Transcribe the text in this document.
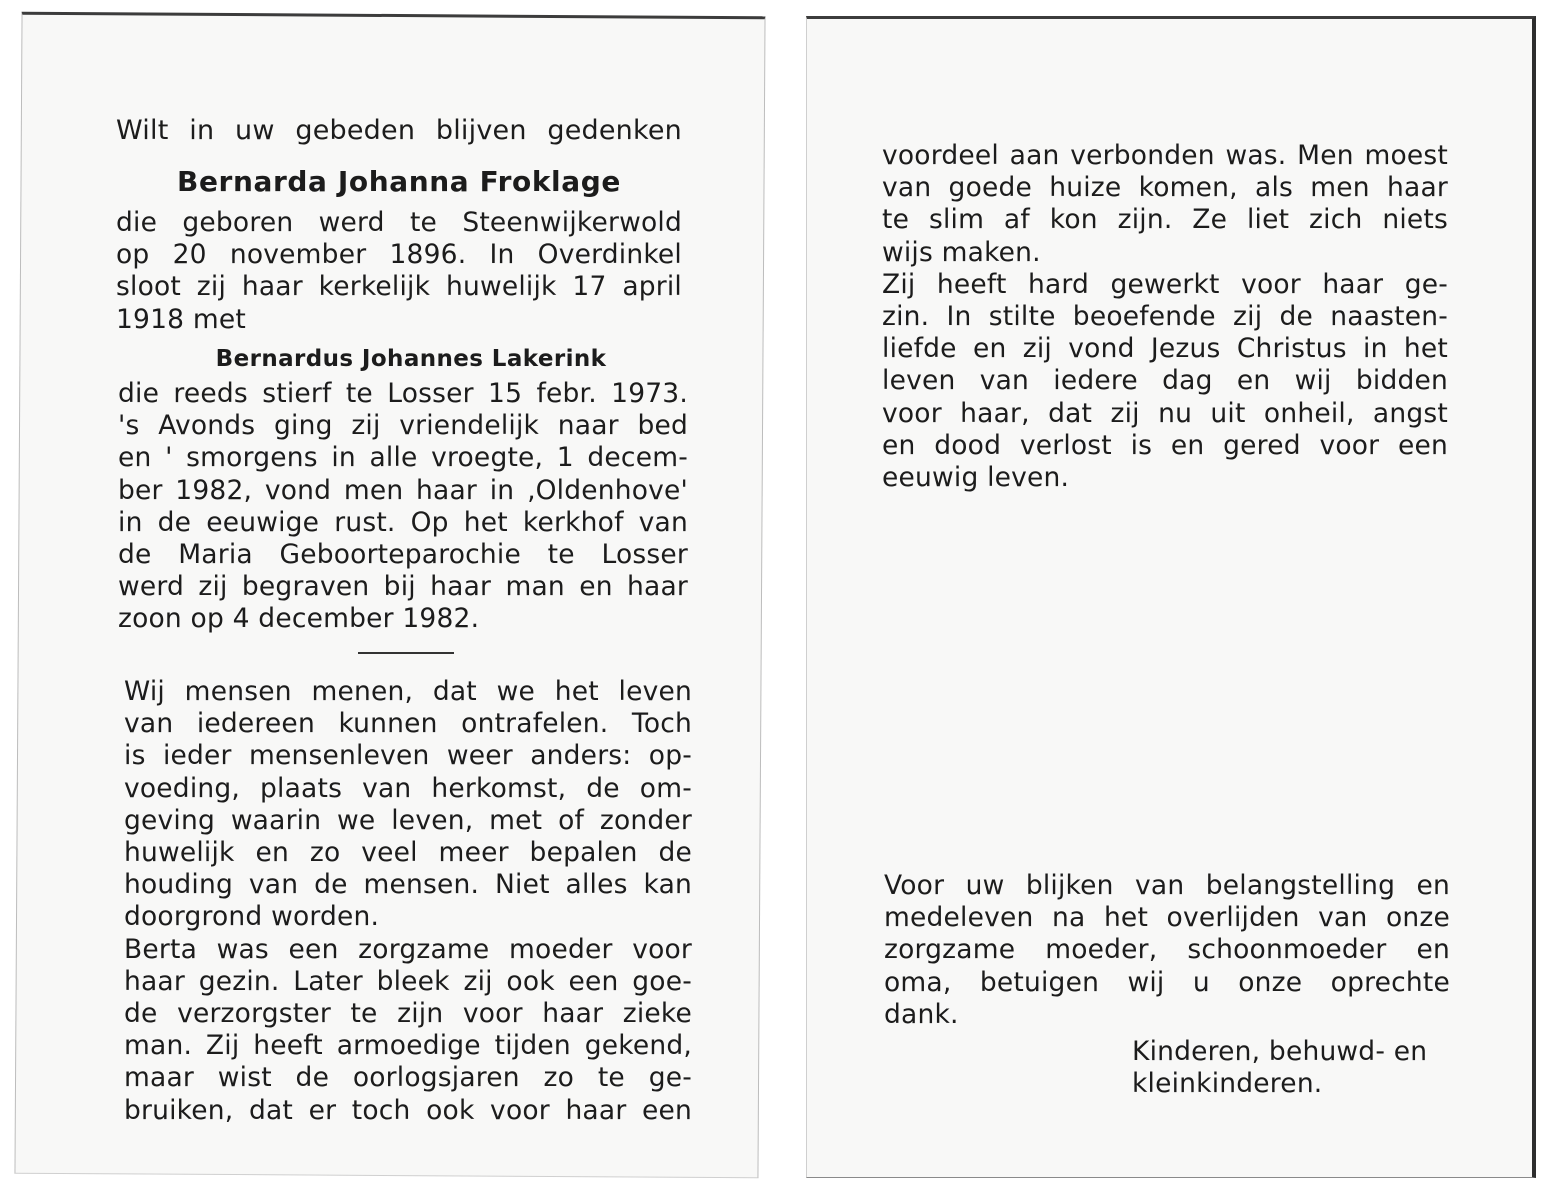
Wilt in uw gebeden blijven gedenken
Bernarda Johanna Froklage
die geboren werd te Steenwijkerwold
op 20 november 1896. In Overdinkel
sloot zij haar kerkelijk huwelijk 17 april
1918 met
Bernardus Johannes Lakerink
die reeds stierf te Losser 15 febr. 1973.
's Avonds ging zij vriendelijk naar bed
en ' smorgens in alle vroegte, 1 decem-
ber 1982, vond men haar in ‚Oldenhove'
in de eeuwige rust. Op het kerkhof van
de Maria Geboorteparochie te Losser
werd zij begraven bij haar man en haar
zoon op 4 december 1982.
Wij mensen menen, dat we het leven
van iedereen kunnen ontrafelen. Toch
is ieder mensenleven weer anders: op-
voeding, plaats van herkomst, de om-
geving waarin we leven, met of zonder
huwelijk en zo veel meer bepalen de
houding van de mensen. Niet alles kan
doorgrond worden.
Berta was een zorgzame moeder voor
haar gezin. Later bleek zij ook een goe-
de verzorgster te zijn voor haar zieke
man. Zij heeft armoedige tijden gekend,
maar wist de oorlogsjaren zo te ge-
bruiken, dat er toch ook voor haar een
voordeel aan verbonden was. Men moest
van goede huize komen, als men haar
te slim af kon zijn. Ze liet zich niets
wijs maken.
Zij heeft hard gewerkt voor haar ge-
zin. In stilte beoefende zij de naasten-
liefde en zij vond Jezus Christus in het
leven van iedere dag en wij bidden
voor haar, dat zij nu uit onheil, angst
en dood verlost is en gered voor een
eeuwig leven.
Voor uw blijken van belangstelling en
medeleven na het overlijden van onze
zorgzame moeder, schoonmoeder en
oma, betuigen wij u onze oprechte
dank.
Kinderen, behuwd- en
kleinkinderen.
